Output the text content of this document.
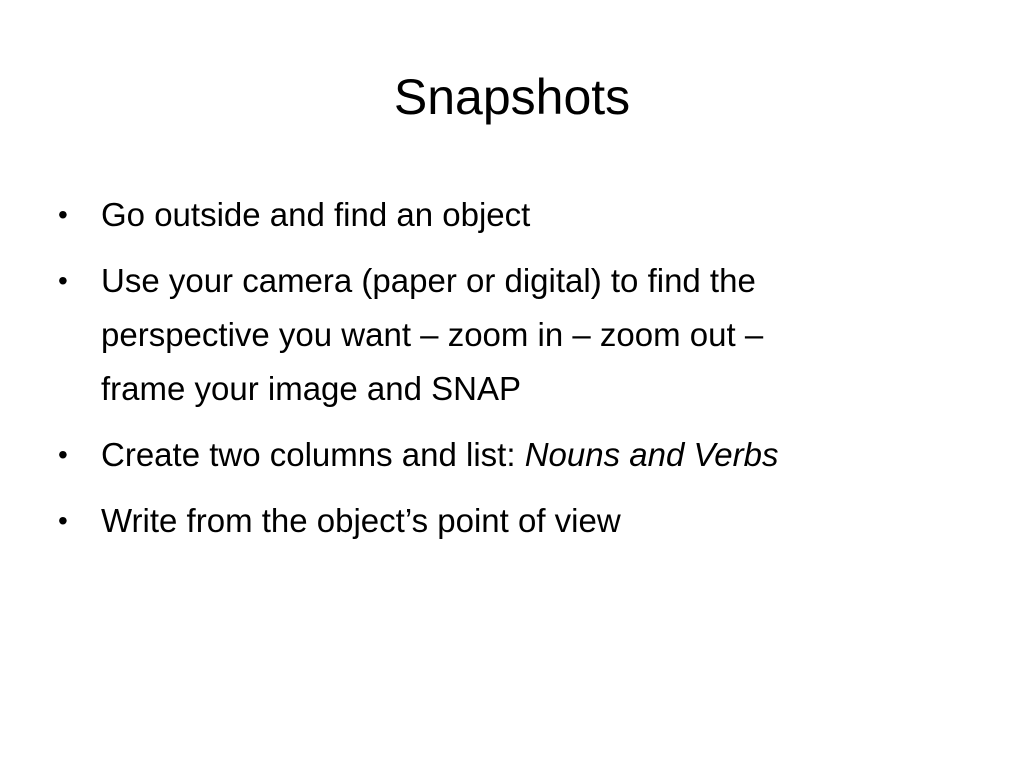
Snapshots
•	Go outside and find an object
•	Use your camera (paper or digital) to find the
perspective you want – zoom in – zoom out –
frame your image and SNAP
•	Create two columns and list: Nouns and Verbs
•	Write from the object’s point of view
